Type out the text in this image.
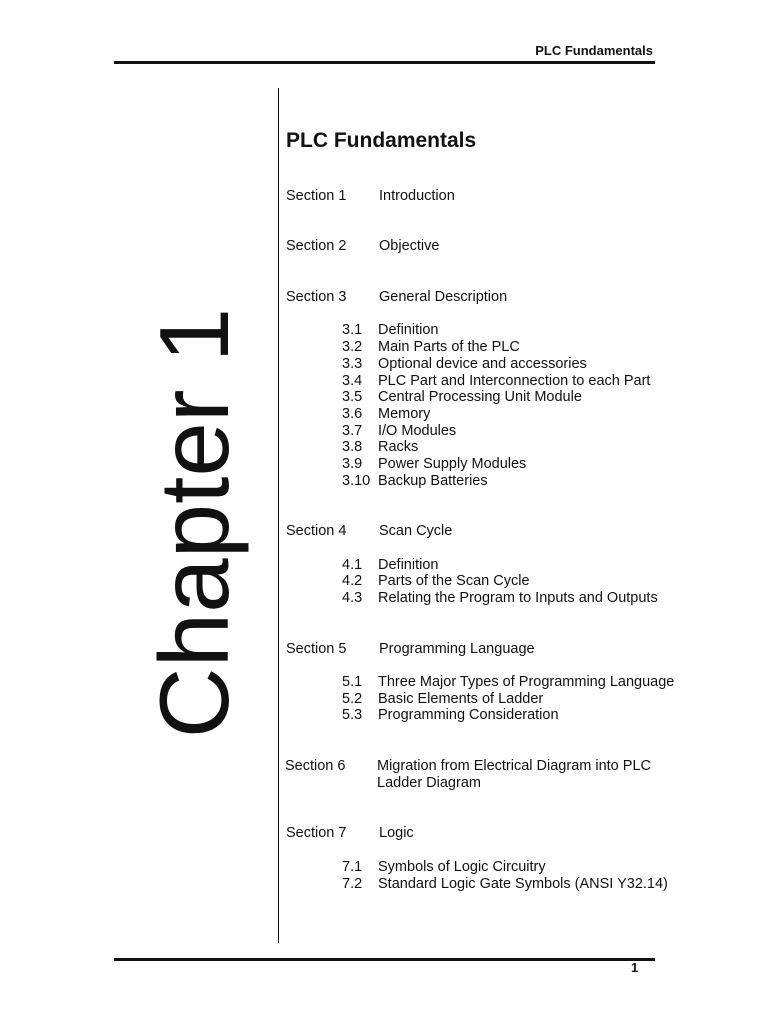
PLC Fundamentals
Chapter 1
PLC Fundamentals
Section 1 Introduction
Section 2 Objective
Section 3 General Description
3.1 Definition
3.2 Main Parts of the PLC
3.3 Optional device and accessories
3.4 PLC Part and Interconnection to each Part
3.5 Central Processing Unit Module
3.6 Memory
3.7 I/O Modules
3.8 Racks
3.9 Power Supply Modules
3.10 Backup Batteries
Section 4 Scan Cycle
4.1 Definition
4.2 Parts of the Scan Cycle
4.3 Relating the Program to Inputs and Outputs
Section 5 Programming Language
5.1 Three Major Types of Programming Language
5.2 Basic Elements of Ladder
5.3 Programming Consideration
Section 6 Migration from Electrical Diagram into PLC
Ladder Diagram
Section 7 Logic
7.1 Symbols of Logic Circuitry
7.2 Standard Logic Gate Symbols (ANSI Y32.14)
1
